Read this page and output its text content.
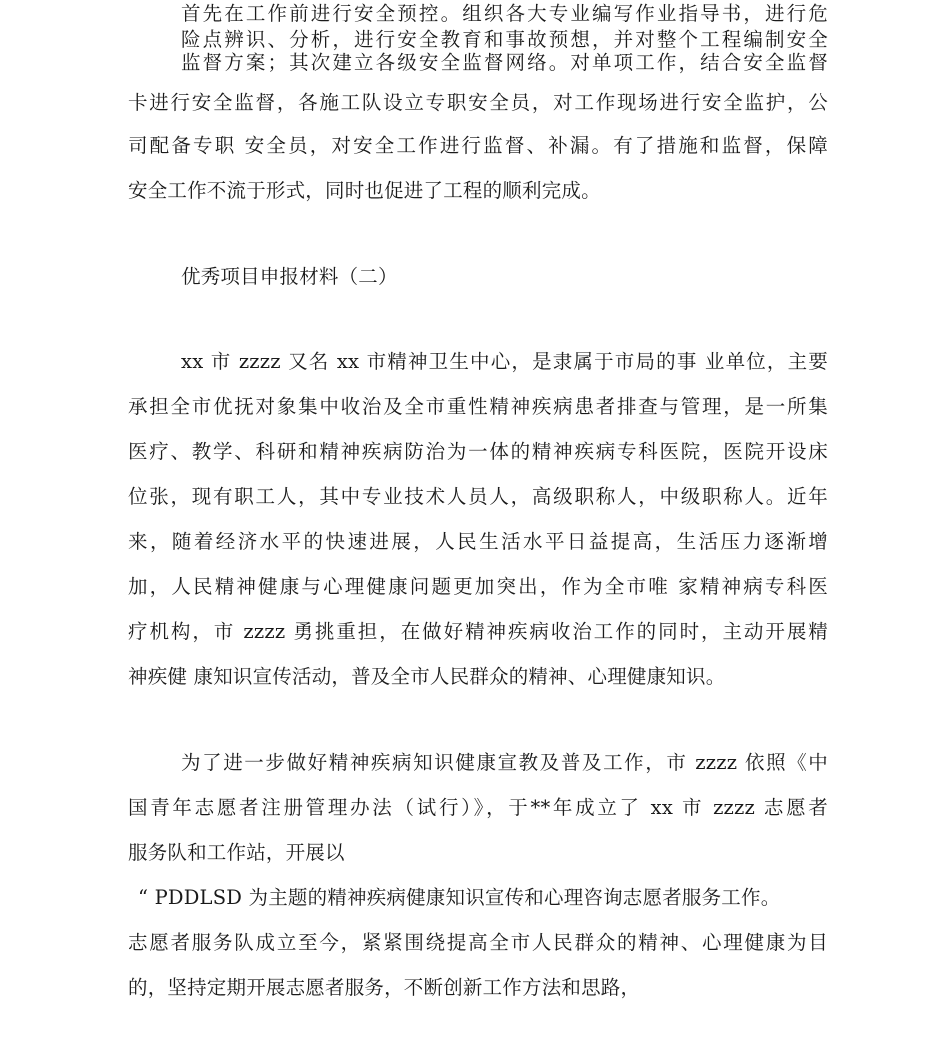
首先在工作前进行安全预控。组织各大专业编写作业指导书，进行危
险点辨识、分析，进行安全教育和事故预想，并对整个工程编制安全
监督方案；其次建立各级安全监督网络。对单项工作，结合安全监督
卡进行安全监督，各施工队设立专职安全员，对工作现场进行安全监护，公
司配备专职 安全员，对安全工作进行监督、补漏。有了措施和监督，保障
安全工作不流于形式，同时也促进了工程的顺利完成。
优秀项目申报材料（二）
xx 市 zzzz 又名 xx 市精神卫生中心，是隶属于市局的事 业单位，主要
承担全市优抚对象集中收治及全市重性精神疾病患者排查与管理，是一所集
医疗、教学、科研和精神疾病防治为一体的精神疾病专科医院，医院开设床
位张，现有职工人，其中专业技术人员人，高级职称人，中级职称人。近年
来，随着经济水平的快速进展，人民生活水平日益提高，生活压力逐渐增
加，人民精神健康与心理健康问题更加突出，作为全市唯 家精神病专科医
疗机构，市 zzzz 勇挑重担，在做好精神疾病收治工作的同时，主动开展精
神疾健 康知识宣传活动，普及全市人民群众的精神、心理健康知识。
为了进一步做好精神疾病知识健康宣教及普及工作，市 zzzz 依照《中
国青年志愿者注册管理办法（试行）》，于**年成立了 xx 市 zzzz 志愿者
服务队和工作站，开展以
“ PDDLSD 为主题的精神疾病健康知识宣传和心理咨询志愿者服务工作。
志愿者服务队成立至今，紧紧围绕提高全市人民群众的精神、心理健康为目
的，坚持定期开展志愿者服务，不断创新工作方法和思路，
